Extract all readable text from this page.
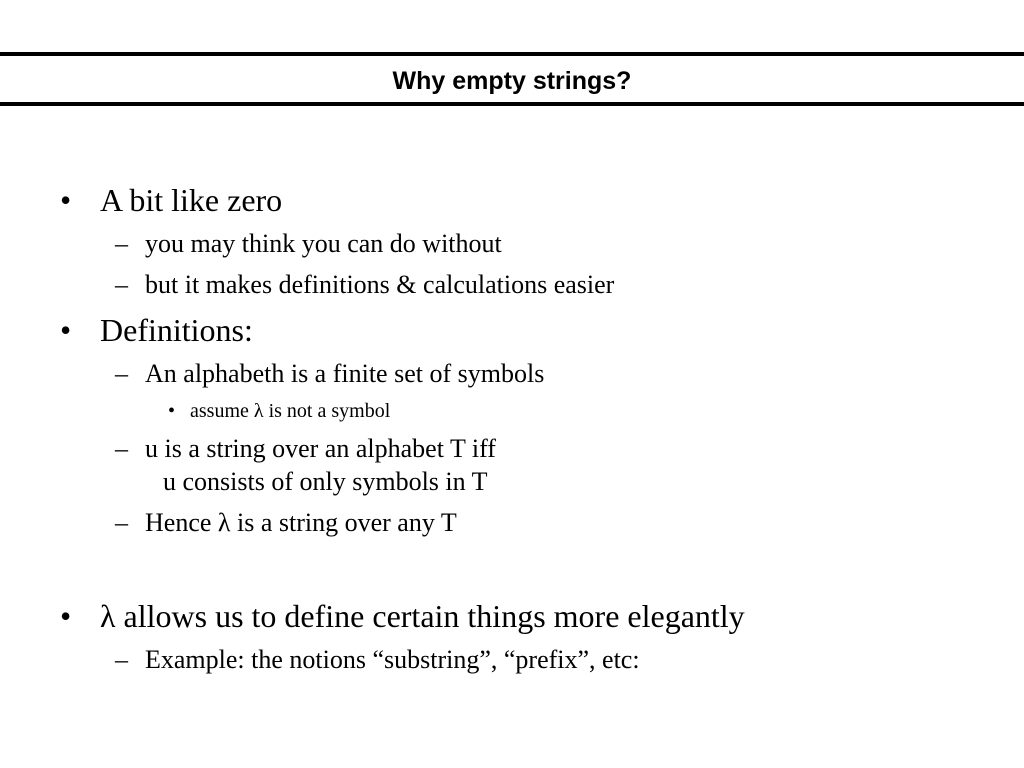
Why empty strings?
• A bit like zero
– you may think you can do without
– but it makes definitions & calculations easier
• Definitions:
– An alphabeth is a finite set of symbols
• assume λ is not a symbol
– u is a string over an alphabet T iff
u consists of only symbols in T
– Hence λ is a string over any T
• λ allows us to define certain things more elegantly
– Example: the notions “substring”, “prefix”, etc:
